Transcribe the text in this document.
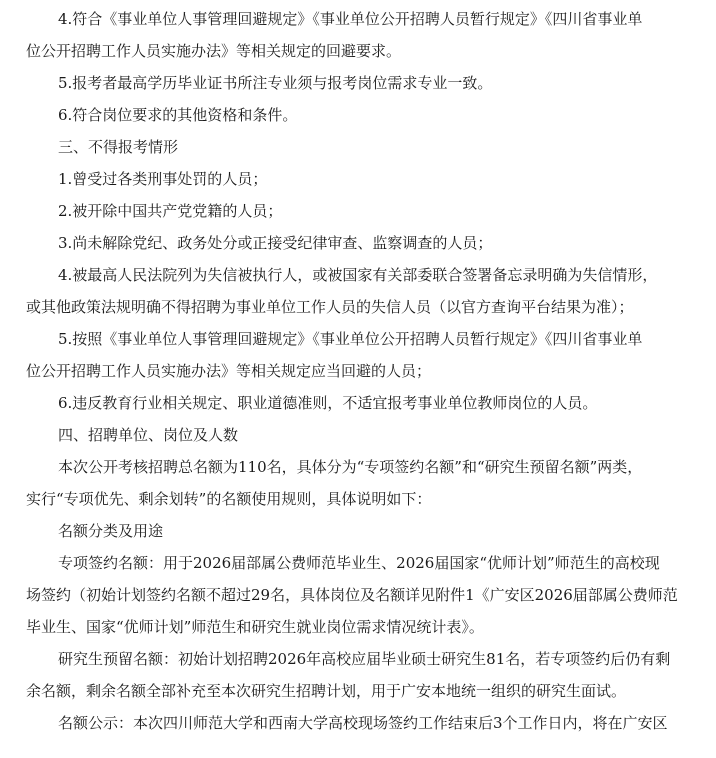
4.符合《事业单位人事管理回避规定》《事业单位公开招聘人员暂行规定》《四川省事业单
位公开招聘工作人员实施办法》等相关规定的回避要求。
5.报考者最高学历毕业证书所注专业须与报考岗位需求专业一致。
6.符合岗位要求的其他资格和条件。
三、不得报考情形
1.曾受过各类刑事处罚的人员；
2.被开除中国共产党党籍的人员；
3.尚未解除党纪、政务处分或正接受纪律审查、监察调查的人员；
4.被最高人民法院列为失信被执行人，或被国家有关部委联合签署备忘录明确为失信情形，
或其他政策法规明确不得招聘为事业单位工作人员的失信人员（以官方查询平台结果为准）；
5.按照《事业单位人事管理回避规定》《事业单位公开招聘人员暂行规定》《四川省事业单
位公开招聘工作人员实施办法》等相关规定应当回避的人员；
6.违反教育行业相关规定、职业道德准则，不适宜报考事业单位教师岗位的人员。
四、招聘单位、岗位及人数
本次公开考核招聘总名额为110名，具体分为“专项签约名额”和“研究生预留名额”两类，
实行“专项优先、剩余划转”的名额使用规则，具体说明如下：
名额分类及用途
专项签约名额：用于2026届部属公费师范毕业生、2026届国家“优师计划”师范生的高校现
场签约（初始计划签约名额不超过29名，具体岗位及名额详见附件1《广安区2026届部属公费师范
毕业生、国家“优师计划”师范生和研究生就业岗位需求情况统计表》。
研究生预留名额：初始计划招聘2026年高校应届毕业硕士研究生81名，若专项签约后仍有剩
余名额，剩余名额全部补充至本次研究生招聘计划，用于广安本地统一组织的研究生面试。
名额公示：本次四川师范大学和西南大学高校现场签约工作结束后3个工作日内，将在广安区
